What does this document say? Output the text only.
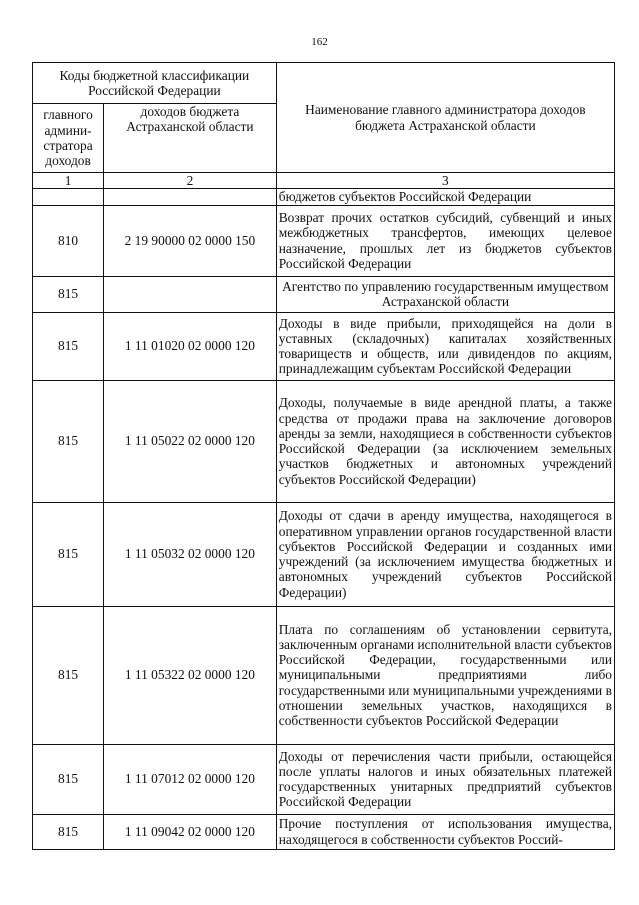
162
Коды бюджетной классификации Российской Федерации		Наименование главного администратора доходов бюджета Астраханской области
главного админи-стратора доходов	доходов бюджета Астраханской области	
1	2	3
		бюджетов субъектов Российской Федерации
810	2 19 90000 02 0000 150	Возврат прочих остатков субсидий, субвенций и иных межбюджетных трансфертов, имеющих целевое назначение, прошлых лет из бюджетов субъектов Российской Федерации
815		Агентство по управлению государственным имуществом Астраханской области
815	1 11 01020 02 0000 120	Доходы в виде прибыли, приходящейся на доли в уставных (складочных) капиталах хозяйственных товариществ и обществ, или дивидендов по акциям, принадлежащим субъектам Российской Федерации
815	1 11 05022 02 0000 120	Доходы, получаемые в виде арендной платы, а также средства от продажи права на заключение договоров аренды за земли, находящиеся в собственности субъектов Российской Федерации (за исключением земельных участков бюджетных и автономных учреждений субъектов Российской Федерации)
815	1 11 05032 02 0000 120	Доходы от сдачи в аренду имущества, находящегося в оперативном управлении органов государственной власти субъектов Российской Федерации и созданных ими учреждений (за исключением имущества бюджетных и автономных учреждений субъектов Российской Федерации)
815	1 11 05322 02 0000 120	Плата по соглашениям об установлении сервитута, заключенным органами исполнительной власти субъектов Российской Федерации, государственными или муниципальными предприятиями либо государственными или муниципальными учреждениями в отношении земельных участков, находящихся в собственности субъектов Российской Федерации
815	1 11 07012 02 0000 120	Доходы от перечисления части прибыли, остающейся после уплаты налогов и иных обязательных платежей государственных унитарных предприятий субъектов Российской Федерации
815	1 11 09042 02 0000 120	Прочие поступления от использования имущества, находящегося в собственности субъектов Россий-
